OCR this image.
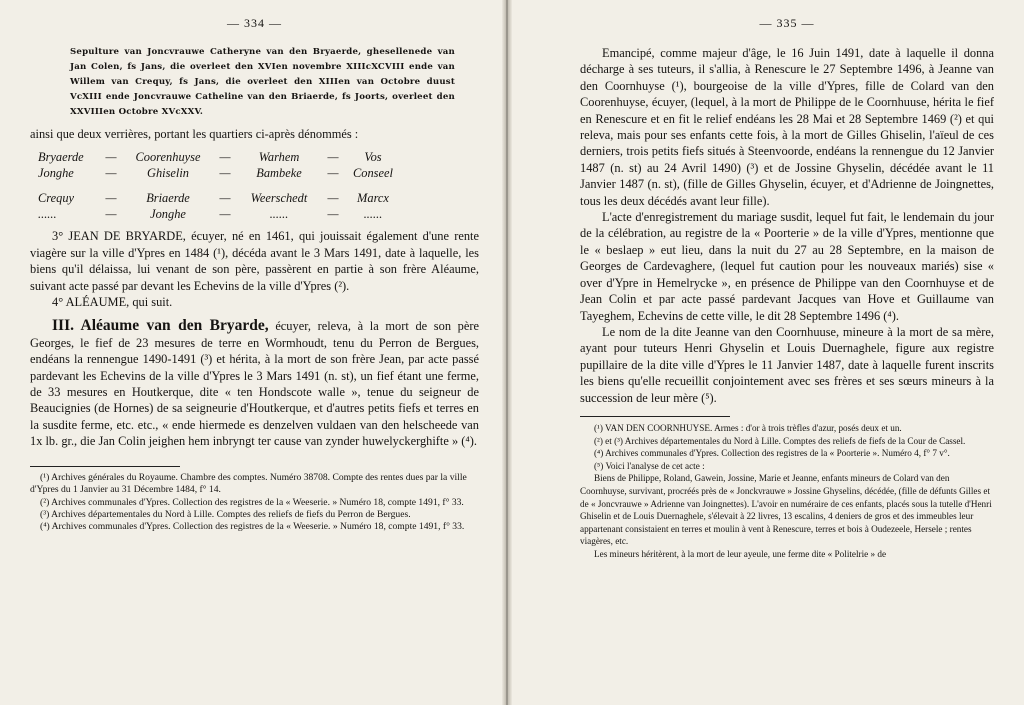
— 334 —

Sepulture van Joncvrauwe Catheryne van den Bryaerde, ghesellenede van Jan Colen, fs Jans, die overleet den XVIen novembre XIIIcXCVIII ende van Willem van Crequy, fs Jans, die overleet den XIIIen van Octobre duust VcXIII ende Joncvrauwe Catheline van den Briaerde, fs Joorts, overleet den XXVIIIen Octobre XVcXXV.

ainsi que deux verrières, portant les quartiers ci-après dénommés :

Bryaerde	—	Coorenhuyse	—	Warhem	—	Vos
Jonghe	—	Ghiselin	—	Bambeke	—	Conseel
Crequy	—	Briaerde	—	Weerschedt	—	Marcx
......	—	Jonghe	—	......	—	......

3° JEAN DE BRYARDE, écuyer, né en 1461, qui jouissait également d'une rente viagère sur la ville d'Ypres en 1484 (¹), décéda avant le 3 Mars 1491, date à laquelle, les biens qu'il délaissa, lui venant de son père, passèrent en partie à son frère Aléaume, suivant acte passé par devant les Echevins de la ville d'Ypres (²).

4° ALÉAUME, qui suit.

III. Aléaume van den Bryarde, écuyer, releva, à la mort de son père Georges, le fief de 23 mesures de terre en Wormhoudt, tenu du Perron de Bergues, endéans la rennengue 1490-1491 (³) et hérita, à la mort de son frère Jean, par acte passé pardevant les Echevins de la ville d'Ypres le 3 Mars 1491 (n. st), un fief étant une ferme, de 33 mesures en Houtkerque, dite « ten Hondscote walle », tenue du seigneur de Beaucignies (de Hornes) de sa seigneurie d'Houtkerque, et d'autres petits fiefs et terres en la susdite ferme, etc. etc., « ende hiermede es denzelven vuldaen van den helscheede van 1x lb. gr., die Jan Colin jeighen hem inbryngt ter cause van zynder huwelyckerghifte » (⁴).

(¹) Archives générales du Royaume. Chambre des comptes. Numéro 38708. Compte des rentes dues par la ville d'Ypres du 1 Janvier au 31 Décembre 1484, f° 14.

(²) Archives communales d'Ypres. Collection des registres de la « Weeserie. » Numéro 18, compte 1491, f° 33.

(³) Archives départementales du Nord à Lille. Comptes des reliefs de fiefs du Perron de Bergues.

(⁴) Archives communales d'Ypres. Collection des registres de la « Weeserie. » Numéro 18, compte 1491, f° 33.

— 335 —

Emancipé, comme majeur d'âge, le 16 Juin 1491, date à laquelle il donna décharge à ses tuteurs, il s'allia, à Renescure le 27 Septembre 1496, à Jeanne van den Coornhuyse (¹), bourgeoise de la ville d'Ypres, fille de Colard van den Coorenhuyse, écuyer, (lequel, à la mort de Philippe de le Coornhuuse, hérita le fief en Renescure et en fit le relief endéans les 28 Mai et 28 Septembre 1469 (²) et qui releva, mais pour ses enfants cette fois, à la mort de Gilles Ghiselin, l'aïeul de ces derniers, trois petits fiefs situés à Steenvoorde, endéans la rennengue du 12 Janvier 1487 (n. st) au 24 Avril 1490) (³) et de Jossine Ghyselin, décédée avant le 11 Janvier 1487 (n. st), (fille de Gilles Ghyselin, écuyer, et d'Adrienne de Joingnettes, tous les deux décédés avant leur fille).

L'acte d'enregistrement du mariage susdit, lequel fut fait, le lendemain du jour de la célébration, au registre de la « Poorterie » de la ville d'Ypres, mentionne que le « beslaep » eut lieu, dans la nuit du 27 au 28 Septembre, en la maison de Georges de Cardevaghere, (lequel fut caution pour les nouveaux mariés) sise « over d'Ypre in Hemelrycke », en présence de Philippe van den Coornhuyse et de Jean Colin et par acte passé pardevant Jacques van Hove et Guillaume van Tayeghem, Echevins de cette ville, le dit 28 Septembre 1496 (⁴).

Le nom de la dite Jeanne van den Coornhuuse, mineure à la mort de sa mère, ayant pour tuteurs Henri Ghyselin et Louis Duernaghele, figure aux registre pupillaire de la dite ville d'Ypres le 11 Janvier 1487, date à laquelle furent inscrits les biens qu'elle recueillit conjointement avec ses frères et ses sœurs mineurs à la succession de leur mère (⁵).

(¹) VAN DEN COORNHUYSE. Armes : d'or à trois trèfles d'azur, posés deux et un.

(²) et (³) Archives départementales du Nord à Lille. Comptes des reliefs de fiefs de la Cour de Cassel.

(⁴) Archives communales d'Ypres. Collection des registres de la « Poorterie ». Numéro 4, f° 7 v°.

(⁵) Voici l'analyse de cet acte :

Biens de Philippe, Roland, Gawein, Jossine, Marie et Jeanne, enfants mineurs de Colard van den Coornhuyse, survivant, procréés près de « Jonckvrauwe » Jossine Ghyselins, décédée, (fille de défunts Gilles et de « Joncvrauwe » Adrienne van Joingnettes). L'avoir en numéraire de ces enfants, placés sous la tutelle d'Henri Ghiselin et de Louis Duernaghele, s'élevait à 22 livres, 13 escalins, 4 deniers de gros et des immeubles leur appartenant consistaient en terres et moulin à vent à Renescure, terres et bois à Oudezeele, Hersele ; rentes viagères, etc.

Les mineurs héritèrent, à la mort de leur ayeule, une ferme dite « Politelrie » de
